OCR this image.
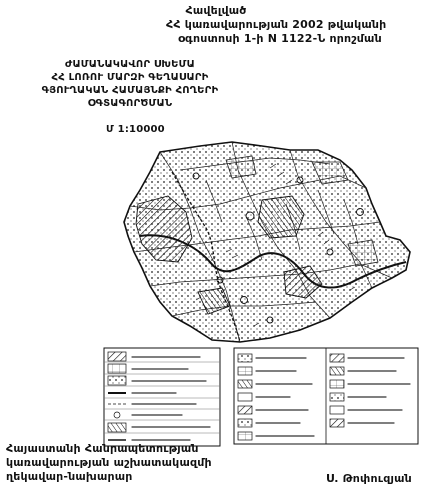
Հավելված
ՀՀ կառավարության 2002 թվականի
օգոստոսի 1-ի N 1122-Ն որոշման
ԺԱՄԱՆԱԿԱՎՈՐ ՍԽԵՄԱ
ՀՀ ԼՈՌՈՒ ՄԱՐԶԻ ԳԵՂԱՍԱՐԻ
ԳՅՈՒՂԱԿԱՆ ՀԱՄԱՅՆՔԻ ՀՈՂԵՐԻ
ՕԳՏԱԳՈՐԾՄԱՆ
Մ 1:10000
Հայաստանի Հանրապետության
կառավարության աշխատակազմի
ղեկավար-նախարար	Ս. Թոփուզյան
